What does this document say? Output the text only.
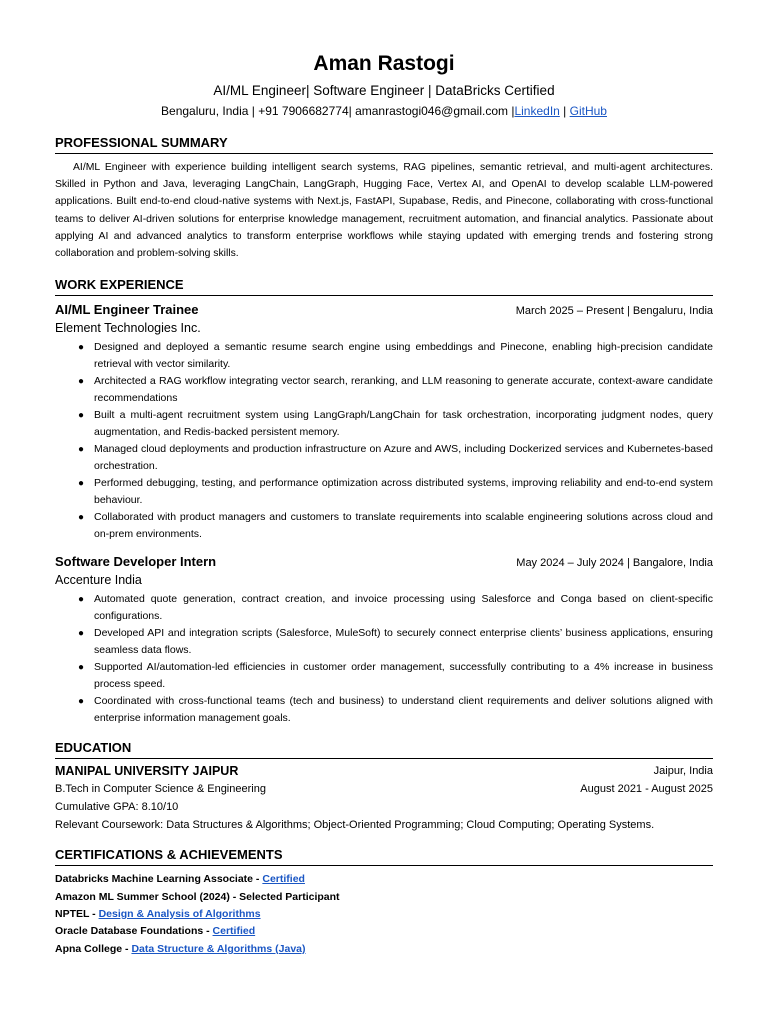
Aman Rastogi
AI/ML Engineer| Software Engineer | DataBricks Certified
Bengaluru, India | +91 7906682774| amanrastogi046@gmail.com |LinkedIn | GitHub
PROFESSIONAL SUMMARY
AI/ML Engineer with experience building intelligent search systems, RAG pipelines, semantic retrieval, and multi-agent architectures. Skilled in Python and Java, leveraging LangChain, LangGraph, Hugging Face, Vertex AI, and OpenAI to develop scalable LLM-powered applications. Built end-to-end cloud-native systems with Next.js, FastAPI, Supabase, Redis, and Pinecone, collaborating with cross-functional teams to deliver AI-driven solutions for enterprise knowledge management, recruitment automation, and financial analytics. Passionate about applying AI and advanced analytics to transform enterprise workflows while staying updated with emerging trends and fostering strong collaboration and problem-solving skills.
WORK EXPERIENCE
AI/ML Engineer Trainee	March 2025 – Present | Bengaluru, India
Element Technologies Inc.
● Designed and deployed a semantic resume search engine using embeddings and Pinecone, enabling high-precision candidate retrieval with vector similarity.
● Architected a RAG workflow integrating vector search, reranking, and LLM reasoning to generate accurate, context-aware candidate recommendations
● Built a multi-agent recruitment system using LangGraph/LangChain for task orchestration, incorporating judgment nodes, query augmentation, and Redis-backed persistent memory.
● Managed cloud deployments and production infrastructure on Azure and AWS, including Dockerized services and Kubernetes-based orchestration.
● Performed debugging, testing, and performance optimization across distributed systems, improving reliability and end-to-end system behaviour.
● Collaborated with product managers and customers to translate requirements into scalable engineering solutions across cloud and on-prem environments.
Software Developer Intern	May 2024 – July 2024 | Bangalore, India
Accenture India
● Automated quote generation, contract creation, and invoice processing using Salesforce and Conga based on client-specific configurations.
● Developed API and integration scripts (Salesforce, MuleSoft) to securely connect enterprise clients’ business applications, ensuring seamless data flows.
● Supported AI/automation-led efficiencies in customer order management, successfully contributing to a 4% increase in business process speed.
● Coordinated with cross-functional teams (tech and business) to understand client requirements and deliver solutions aligned with enterprise information management goals.
EDUCATION
MANIPAL UNIVERSITY JAIPUR	Jaipur, India
B.Tech in Computer Science & Engineering	August 2021 - August 2025
Cumulative GPA: 8.10/10
Relevant Coursework: Data Structures & Algorithms; Object-Oriented Programming; Cloud Computing; Operating Systems.
CERTIFICATIONS & ACHIEVEMENTS
Databricks Machine Learning Associate - Certified
Amazon ML Summer School (2024) - Selected Participant
NPTEL - Design & Analysis of Algorithms
Oracle Database Foundations - Certified
Apna College - Data Structure & Algorithms (Java)
